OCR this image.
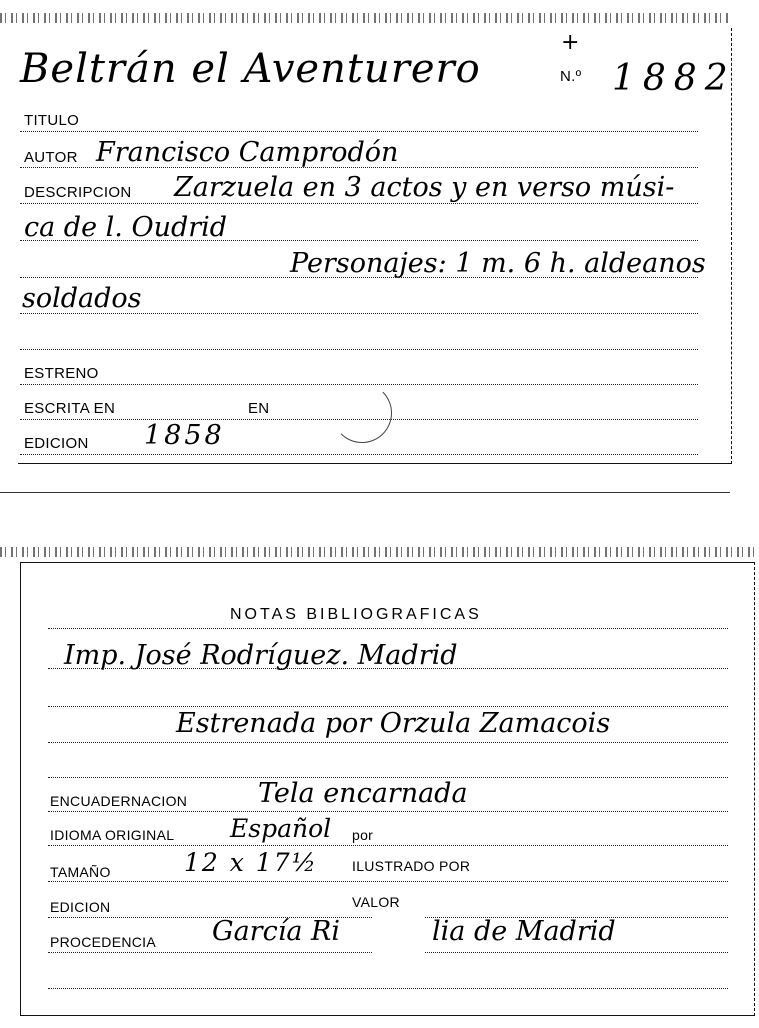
Beltrán el Aventurero
+
N.º 1882
TITULO
AUTOR Francisco Camprodón
DESCRIPCION Zarzuela en 3 actos y en verso músi-
ca de l. Oudrid
Personajes: 1 m. 6 h. aldeanos
soldados
ESTRENO
ESCRITA EN	EN
EDICION 1858
NOTAS BIBLIOGRAFICAS
Imp. José Rodríguez. Madrid
Estrenada por Orzula Zamacois
ENCUADERNACION	Tela encarnada
IDIOMA ORIGINAL Español por
TAMAÑO	12 x 17½ ILUSTRADO POR
EDICION	VALOR
PROCEDENCIA García Ri	lia de Madrid
